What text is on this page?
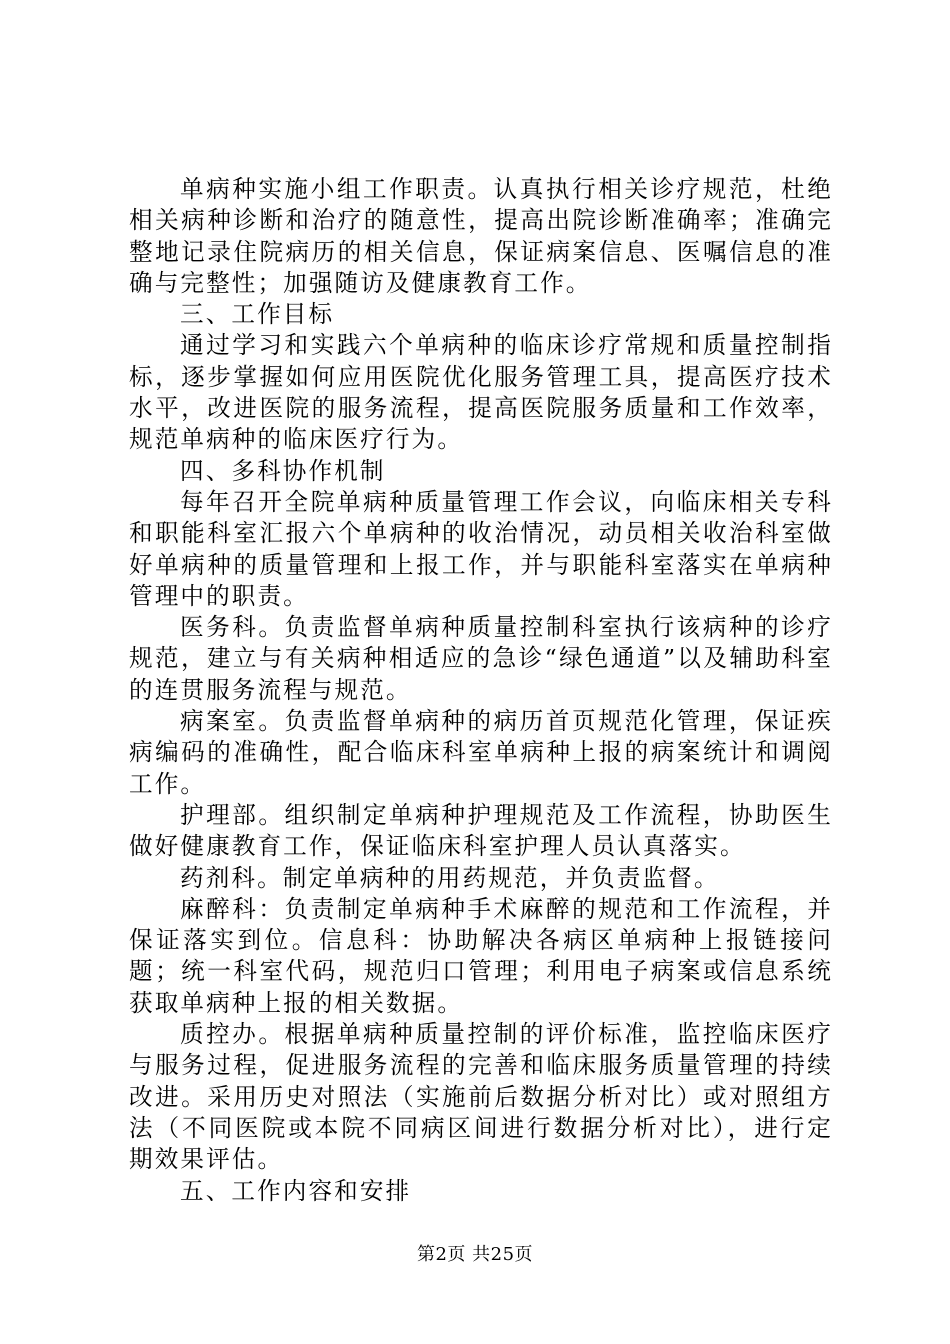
单病种实施小组工作职责。认真执行相关诊疗规范，杜绝相关病种诊断和治疗的随意性，提高出院诊断准确率；准确完整地记录住院病历的相关信息，保证病案信息、医嘱信息的准确与完整性；加强随访及健康教育工作。

三、工作目标

通过学习和实践六个单病种的临床诊疗常规和质量控制指标，逐步掌握如何应用医院优化服务管理工具，提高医疗技术水平，改进医院的服务流程，提高医院服务质量和工作效率，规范单病种的临床医疗行为。

四、多科协作机制

每年召开全院单病种质量管理工作会议，向临床相关专科和职能科室汇报六个单病种的收治情况，动员相关收治科室做好单病种的质量管理和上报工作，并与职能科室落实在单病种管理中的职责。

医务科。负责监督单病种质量控制科室执行该病种的诊疗规范，建立与有关病种相适应的急诊“绿色通道”以及辅助科室的连贯服务流程与规范。

病案室。负责监督单病种的病历首页规范化管理，保证疾病编码的准确性，配合临床科室单病种上报的病案统计和调阅工作。

护理部。组织制定单病种护理规范及工作流程，协助医生做好健康教育工作，保证临床科室护理人员认真落实。

药剂科。制定单病种的用药规范，并负责监督。

麻醉科：负责制定单病种手术麻醉的规范和工作流程，并保证落实到位。信息科：协助解决各病区单病种上报链接问题；统一科室代码，规范归口管理；利用电子病案或信息系统获取单病种上报的相关数据。

质控办。根据单病种质量控制的评价标准，监控临床医疗与服务过程，促进服务流程的完善和临床服务质量管理的持续改进。采用历史对照法（实施前后数据分析对比）或对照组方法（不同医院或本院不同病区间进行数据分析对比），进行定期效果评估。

五、工作内容和安排

第2页 共25页
